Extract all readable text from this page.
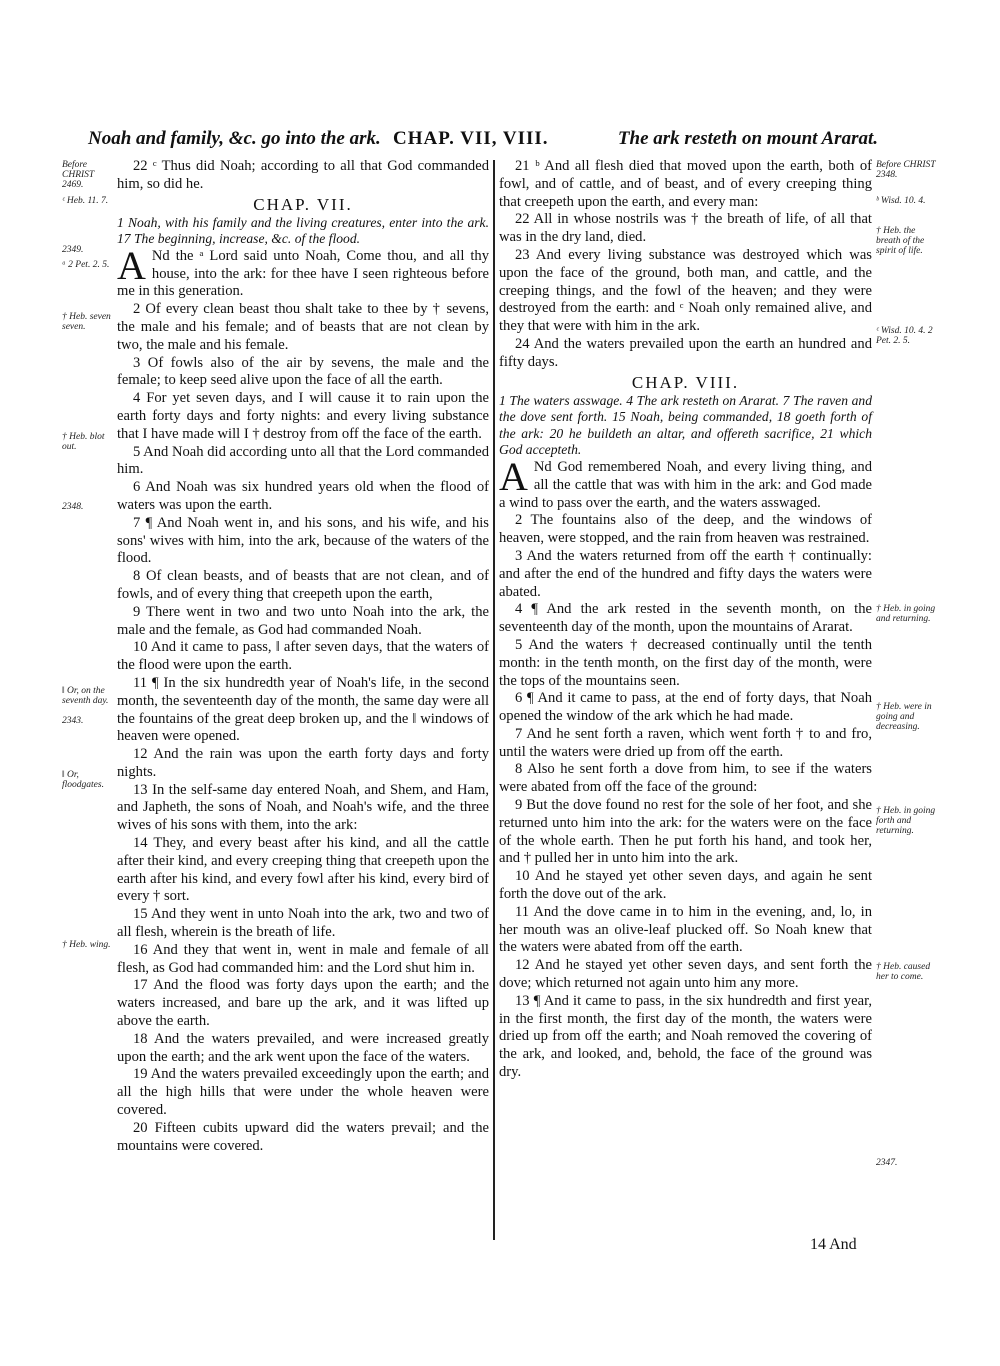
Noah and family, &c. go into the ark. CHAP. VII, VIII.	The ark resteth on mount Ararat.
Before CHRIST 2469.
ᶜ Heb. 11. 7.
2349.
ᵃ 2 Pet. 2. 5.
† Heb. seven seven.
† Heb. blot out.
2348.
‖ Or, on the seventh day.
2343.
‖ Or, floodgates.
† Heb. wing.
Before CHRIST 2348.
ᵇ Wisd. 10. 4.
† Heb. the breath of the spirit of life.
ᶜ Wisd. 10. 4. 2 Pet. 2. 5.
† Heb. in going and returning.
† Heb. were in going and decreasing.
† Heb. in going forth and returning.
† Heb. caused her to come.
2347.

22 ᶜ Thus did Noah; according to all that God commanded him, so did he.

CHAP. VII.

1 Noah, with his family and the living creatures, enter into the ark. 17 The beginning, increase, &c. of the flood.

A Nd the ᵃ Lord said unto Noah, Come thou, and all thy house, into the ark: for thee have I seen righteous before me in this generation.

2 Of every clean beast thou shalt take to thee by † sevens, the male and his female; and of beasts that are not clean by two, the male and his female.

3 Of fowls also of the air by sevens, the male and the female; to keep seed alive upon the face of all the earth.

4 For yet seven days, and I will cause it to rain upon the earth forty days and forty nights: and every living substance that I have made will I † destroy from off the face of the earth.

5 And Noah did according unto all that the Lord commanded him.

6 And Noah was six hundred years old when the flood of waters was upon the earth.

7 ¶ And Noah went in, and his sons, and his wife, and his sons' wives with him, into the ark, because of the waters of the flood.

8 Of clean beasts, and of beasts that are not clean, and of fowls, and of every thing that creepeth upon the earth,

9 There went in two and two unto Noah into the ark, the male and the female, as God had commanded Noah.

10 And it came to pass, ‖ after seven days, that the waters of the flood were upon the earth.

11 ¶ In the six hundredth year of Noah's life, in the second month, the seventeenth day of the month, the same day were all the fountains of the great deep broken up, and the ‖ windows of heaven were opened.

12 And the rain was upon the earth forty days and forty nights.

13 In the self-same day entered Noah, and Shem, and Ham, and Japheth, the sons of Noah, and Noah's wife, and the three wives of his sons with them, into the ark:

14 They, and every beast after his kind, and all the cattle after their kind, and every creeping thing that creepeth upon the earth after his kind, and every fowl after his kind, every bird of every † sort.

15 And they went in unto Noah into the ark, two and two of all flesh, wherein is the breath of life.

16 And they that went in, went in male and female of all flesh, as God had commanded him: and the Lord shut him in.

17 And the flood was forty days upon the earth; and the waters increased, and bare up the ark, and it was lifted up above the earth.

18 And the waters prevailed, and were increased greatly upon the earth; and the ark went upon the face of the waters.

19 And the waters prevailed exceedingly upon the earth; and all the high hills that were under the whole heaven were covered.

20 Fifteen cubits upward did the waters prevail; and the mountains were covered.

21 ᵇ And all flesh died that moved upon the earth, both of fowl, and of cattle, and of beast, and of every creeping thing that creepeth upon the earth, and every man:

22 All in whose nostrils was † the breath of life, of all that was in the dry land, died.

23 And every living substance was destroyed which was upon the face of the ground, both man, and cattle, and the creeping things, and the fowl of the heaven; and they were destroyed from the earth: and ᶜ Noah only remained alive, and they that were with him in the ark.

24 And the waters prevailed upon the earth an hundred and fifty days.

CHAP. VIII.

1 The waters asswage. 4 The ark resteth on Ararat. 7 The raven and the dove sent forth. 15 Noah, being commanded, 18 goeth forth of the ark: 20 he buildeth an altar, and offereth sacrifice, 21 which God accepteth.

A Nd God remembered Noah, and every living thing, and all the cattle that was with him in the ark: and God made a wind to pass over the earth, and the waters asswaged.

2 The fountains also of the deep, and the windows of heaven, were stopped, and the rain from heaven was restrained.

3 And the waters returned from off the earth † continually: and after the end of the hundred and fifty days the waters were abated.

4 ¶ And the ark rested in the seventh month, on the seventeenth day of the month, upon the mountains of Ararat.

5 And the waters † decreased continually until the tenth month: in the tenth month, on the first day of the month, were the tops of the mountains seen.

6 ¶ And it came to pass, at the end of forty days, that Noah opened the window of the ark which he had made.

7 And he sent forth a raven, which went forth † to and fro, until the waters were dried up from off the earth.

8 Also he sent forth a dove from him, to see if the waters were abated from off the face of the ground:

9 But the dove found no rest for the sole of her foot, and she returned unto him into the ark: for the waters were on the face of the whole earth. Then he put forth his hand, and took her, and † pulled her in unto him into the ark.

10 And he stayed yet other seven days, and again he sent forth the dove out of the ark.

11 And the dove came in to him in the evening, and, lo, in her mouth was an olive-leaf plucked off. So Noah knew that the waters were abated from off the earth.

12 And he stayed yet other seven days, and sent forth the dove; which returned not again unto him any more.

13 ¶ And it came to pass, in the six hundredth and first year, in the first month, the first day of the month, the waters were dried up from off the earth; and Noah removed the covering of the ark, and looked, and, behold, the face of the ground was dry.

14 And
